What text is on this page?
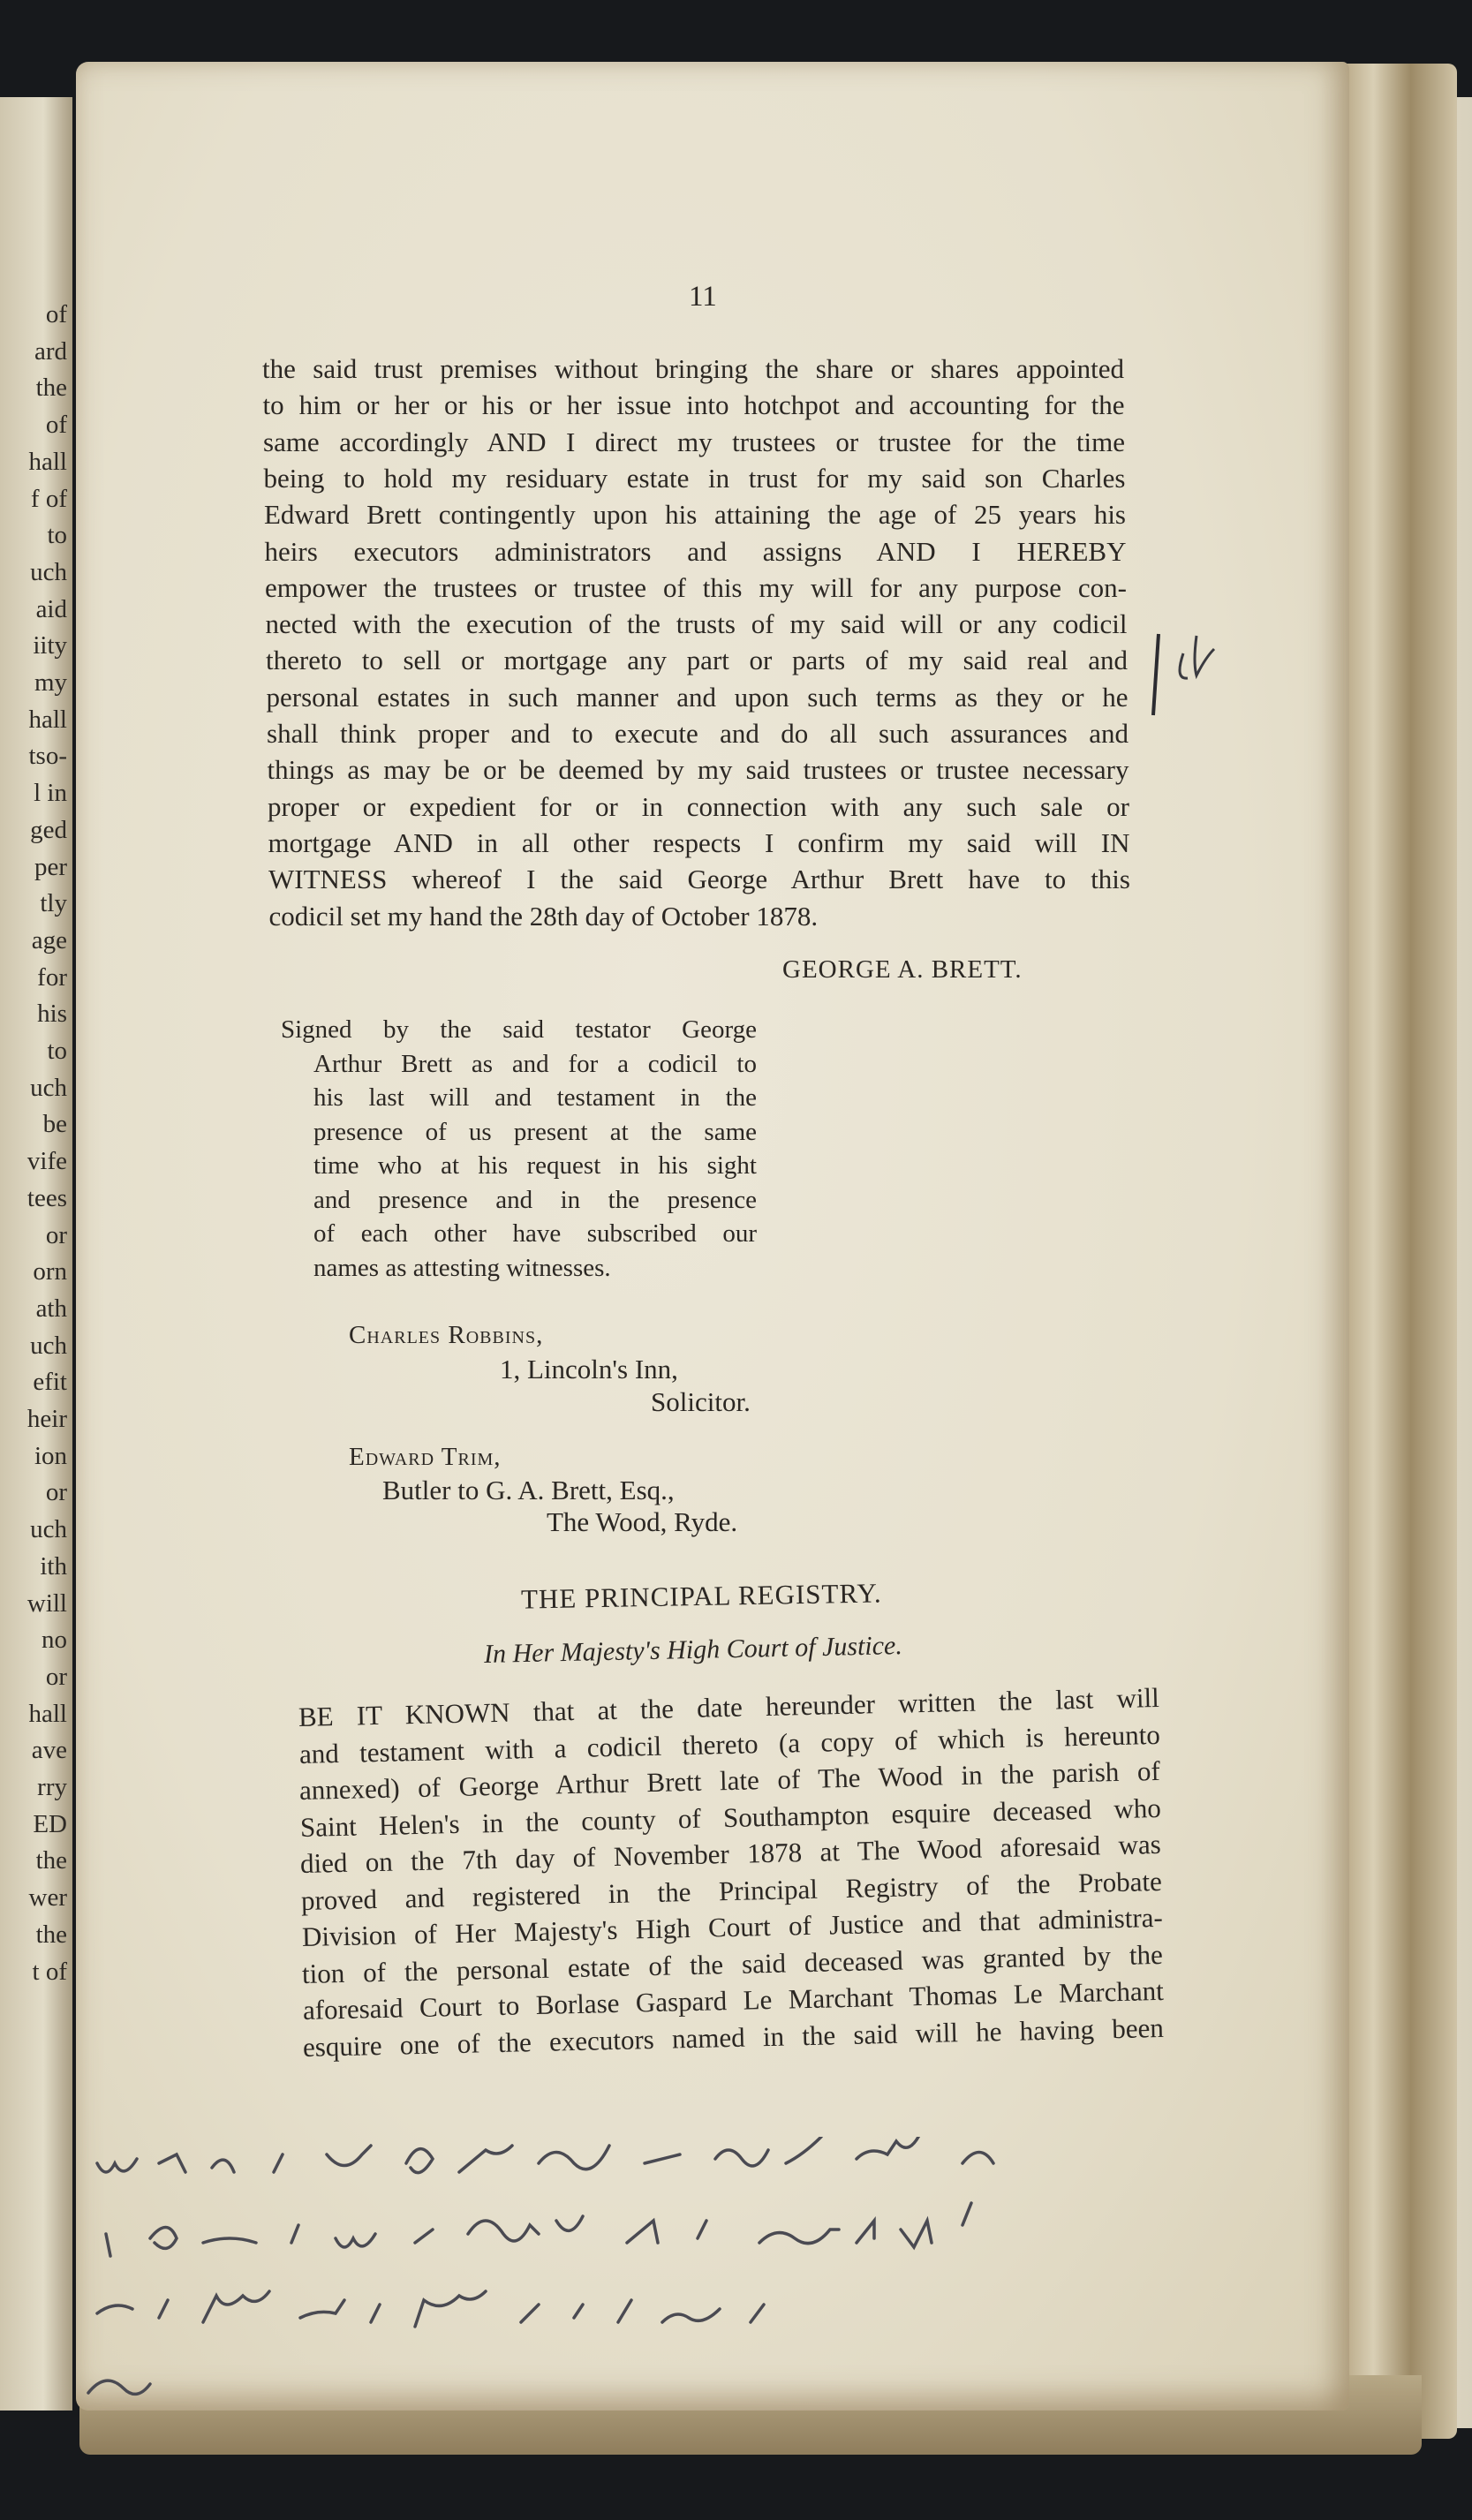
of
ard
the
of
hall
f of
to
uch
aid
iity
my
hall
tso-
l in
ged
per
tly
age
for
his
to
uch
be
vife
tees
or
orn
ath
uch
efit
heir
ion
or
uch
ith
will
no
or
hall
ave
rry
ED
the
wer
the
t of
11
the said trust premises without bringing the share or shares appointed
to him or her or his or her issue into hotchpot and accounting for the
same accordingly AND I direct my trustees or trustee for the time
being to hold my residuary estate in trust for my said son Charles
Edward Brett contingently upon his attaining the age of 25 years his
heirs executors administrators and assigns AND I HEREBY
empower the trustees or trustee of this my will for any purpose con-
nected with the execution of the trusts of my said will or any codicil
thereto to sell or mortgage any part or parts of my said real and
personal estates in such manner and upon such terms as they or he
shall think proper and to execute and do all such assurances and
things as may be or be deemed by my said trustees or trustee necessary
proper or expedient for or in connection with any such sale or
mortgage AND in all other respects I confirm my said will IN
WITNESS whereof I the said George Arthur Brett have to this
codicil set my hand the 28th day of October 1878.
GEORGE A. BRETT.
Signed by the said testator George
Arthur Brett as and for a codicil to
his last will and testament in the
presence of us present at the same
time who at his request in his sight
and presence and in the presence
of each other have subscribed our
names as attesting witnesses.
Charles Robbins,
1, Lincoln's Inn,
Solicitor.
Edward Trim,
Butler to G. A. Brett, Esq.,
The Wood, Ryde.
THE PRINCIPAL REGISTRY.
In Her Majesty's High Court of Justice.
BE IT KNOWN that at the date hereunder written the last will
and testament with a codicil thereto (a copy of which is hereunto
annexed) of George Arthur Brett late of The Wood in the parish of
Saint Helen's in the county of Southampton esquire deceased who
died on the 7th day of November 1878 at The Wood aforesaid was
proved and registered in the Principal Registry of the Probate
Division of Her Majesty's High Court of Justice and that administra-
tion of the personal estate of the said deceased was granted by the
aforesaid Court to Borlase Gaspard Le Marchant Thomas Le Marchant
esquire one of the executors named in the said will he having been
